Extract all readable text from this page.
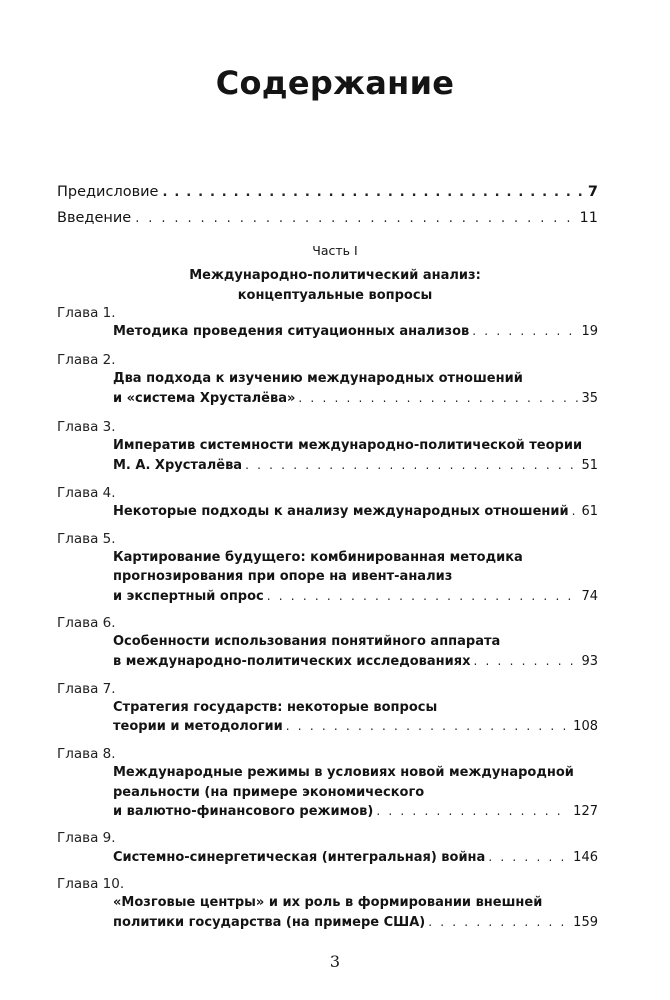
Содержание
Предисловие . . .	7
Введение . . .	11
Часть I
Международно-политический анализ:
концептуальные вопросы
Глава 1.
Методика проведения ситуационных анализов . . .	19
Глава 2.
Два подхода к изучению международных отношений
и «система Хрусталёва» . . .	35
Глава 3.
Императив системности международно-политической теории
М. А. Хрусталёва . . .	51
Глава 4.
Некоторые подходы к анализу международных отношений . . . 61
Глава 5.
Картирование будущего: комбинированная методика
прогнозирования при опоре на ивент-анализ
и экспертный опрос . . .	74
Глава 6.
Особенности использования понятийного аппарата
в международно-политических исследованиях . . .	93
Глава 7.
Стратегия государств: некоторые вопросы
теории и методологии . . .	108
Глава 8.
Международные режимы в условиях новой международной
реальности (на примере экономического
и валютно-финансового режимов) . . .	127
Глава 9.
Системно-синергетическая (интегральная) война . . .	146
Глава 10.
«Мозговые центры» и их роль в формировании внешней
политики государства (на примере США) . . .	159
3
